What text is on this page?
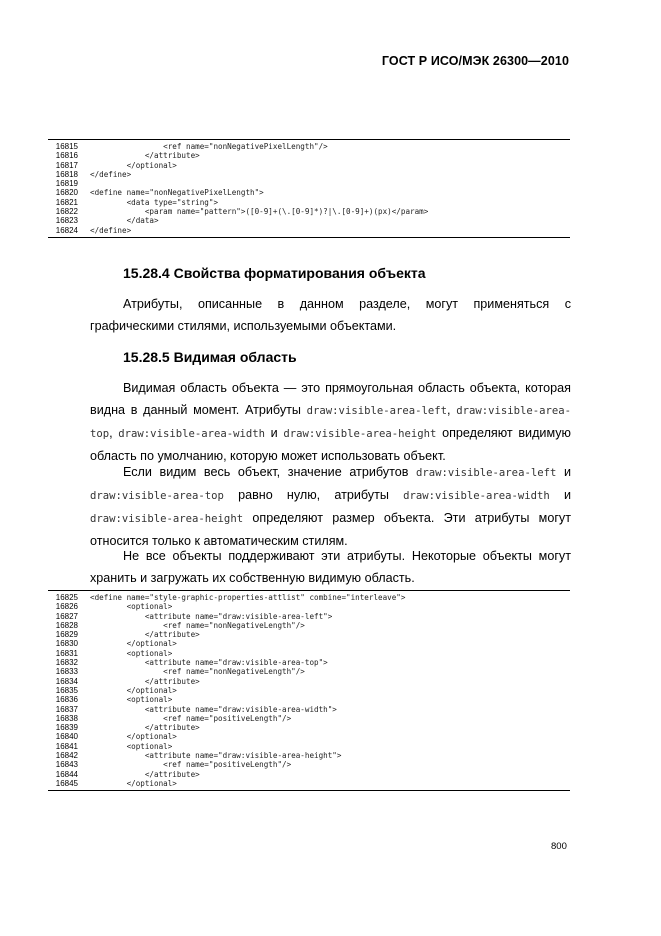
ГОСТ Р ИСО/МЭК 26300—2010
16815 <ref name="nonNegativePixelLength"/>
16816 </attribute>
16817 </optional>
16818 </define>
16819
16820 <define name="nonNegativePixelLength">
16821 <data type="string">
16822 <param name="pattern">([0-9]+(\.[0-9]*)?|\.[0-9]+)(px)</param>
16823 </data>
16824 </define>
15.28.4 Свойства форматирования объекта

Атрибуты, описанные в данном разделе, могут применяться с графическими стилями, используемыми объектами.

15.28.5 Видимая область

Видимая область объекта — это прямоугольная область объекта, которая видна в данный момент. Атрибуты draw:visible-area-left, draw:visible-area-top, draw:visible-area-width и draw:visible-area-height определяют видимую область по умолчанию, которую может использовать объект.

Если видим весь объект, значение атрибутов draw:visible-area-left и draw:visible-area-top равно нулю, атрибуты draw:visible-area-width и draw:visible-area-height определяют размер объекта. Эти атрибуты могут относится только к автоматическим стилям.

Не все объекты поддерживают эти атрибуты. Некоторые объекты могут хранить и загружать их собственную видимую область.

16825 <define name="style-graphic-properties-attlist" combine="interleave">
16826 <optional>
16827 <attribute name="draw:visible-area-left">
16828 <ref name="nonNegativeLength"/>
16829 </attribute>
16830 </optional>
16831 <optional>
16832 <attribute name="draw:visible-area-top">
16833 <ref name="nonNegativeLength"/>
16834 </attribute>
16835 </optional>
16836 <optional>
16837 <attribute name="draw:visible-area-width">
16838 <ref name="positiveLength"/>
16839 </attribute>
16840 </optional>
16841 <optional>
16842 <attribute name="draw:visible-area-height">
16843 <ref name="positiveLength"/>
16844 </attribute>
16845 </optional>
800
